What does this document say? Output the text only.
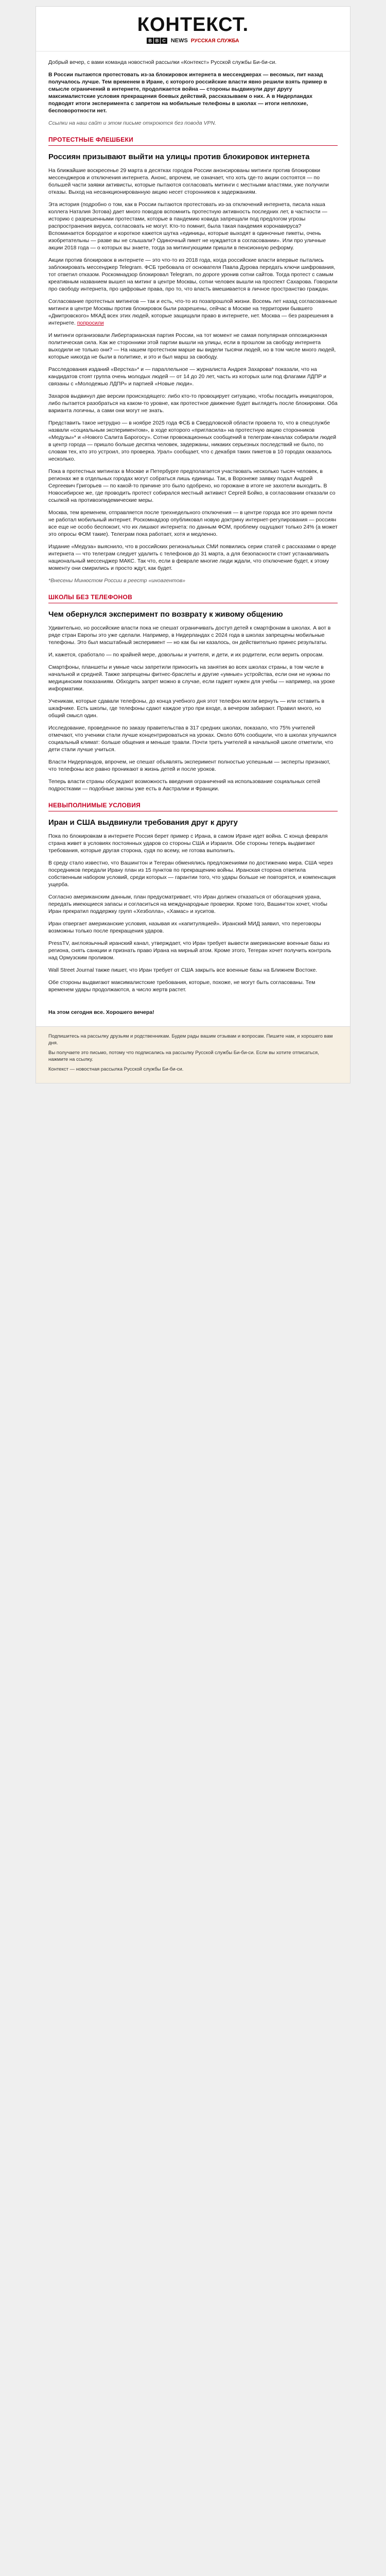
КОНТЕКСТ.
B B C NEWS РУССКАЯ СЛУЖБА

Добрый вечер, с вами команда новостной рассылки «Контекст» Русской службы Би-би-си.

В России пытаются протестовать из-за блокировок интернета в мессенджерах — весомых, пит назад получалось лучше. Тем временем в Иране, с которого российские власти явно решили взять пример в смысле ограничений в интернете, продолжается война — стороны выдвинули друг другу максималистские условия прекращения боевых действий, рассказываем о них. А в Нидерландах подводят итоги эксперимента с запретом на мобильные телефоны в школах — итоги неплохие, бесповоротности нет.

Ссылки на наш сайт и этом письме откроются без повода VPN.

ПРОТЕСТНЫЕ ФЛЕШБЕКИ
Россиян призывают выйти на улицы против блокировок интернета

На ближайшие воскресенье 29 марта в десятках городов России анонсированы митинги против блокировки мессенджеров и отключения интернета. Анонс, впрочем, не означает, что хоть где-то акции состоятся — по большей части заявки активисты, которые пытаются согласовать митинги с местными властями, уже получили отказы. Выход на несанкционированную акцию несет сторонников к задержаниям.

Эта история (подробно о том, как в России пытаются протестовать из-за отключений интернета, писала наша коллега Наталия Зотова) дает много поводов вспомнить протестную активность последних лет, в частности — историю с разрешенными протестами, которые в пандемию ковида запрещали под предлогом угрозы распространения вируса, согласовать не могут. Кто-то помнит, была такая пандемия коронавируса? Вспоминается бородатое и короткое кажется шутка «единицы, которые выходят в одиночные пикеты, очень изобретательны — разве вы не слышали? Одиночный пикет не нуждается в согласовании». Или про уличные акции 2018 года — о которых вы знаете, тогда за митингующими пришли в пенсионную реформу.

Акции против блокировок в интернете — это что-то из 2018 года, когда российские власти впервые пытались заблокировать мессенджер Telegram. ФСБ требовала от основателя Павла Дурова передать ключи шифрования, тот ответил отказом. Роскомнадзор блокировал Telegram, по дороге уронив сотни сайтов. Тогда протест с самым креативным названием вышел на митинг в центре Москвы, сотни человек вышли на проспект Сахарова. Говорили про свободу интернета, про цифровые права, про то, что власть вмешивается в личное пространство граждан.

Согласование протестных митингов — так и есть, что-то из позапрошлой жизни. Восемь лет назад согласованные митинги в центре Москвы против блокировок были разрешены, сейчас в Москве на территории бывшего «Дмитровского» МКАД всех этих людей, которые защищали право в интернете, нет. Москва — без разрешения в интернете. попросили

И митинги организовали Либертарианская партия России, на тот момент не самая популярная оппозиционная политическая сила. Как же сторонники этой партии вышли на улицы, если в прошлом за свободу интернета выходили не только они? — На нашем протестном марше вы видели тысячи людей, но в том числе много людей, которые никогда не были в политике, и это и был марш за свободу.

Расследования изданий «Верстка»* и — параллельное — журналиста Андрея Захарова* показали, что на кандидатов стоят группа очень молодых людей — от 14 до 20 лет, часть из которых шли под флагами ЛДПР и связаны с «Молодежью ЛДПР» и партией «Новые люди».

Захаров выдвинул две версии происходящего: либо кто-то провоцирует ситуацию, чтобы посадить инициаторов, либо пытается разобраться на каком-то уровне, как протестное движение будет выглядеть после блокировки. Оба варианта логичны, а сами они могут не знать.

Представить такое нетрудно — в ноябре 2025 года ФСБ в Свердловской области провела то, что в спецслужбе назвали «социальным экспериментом», в ходе которого «пригласила» на протестную акцию сторонников «Медузы»* и «Нового Салита Барогосу». Сотни провокационных сообщений в телеграм-каналах собирали людей в центр города — пришло больше десятка человек, задержаны, никаких серьезных последствий не было, по словам тех, кто это устроил, это проверка. Урал» сообщает, что с декабря таких пикетов в 10 городах оказалось несколько.

Пока в протестных митингах в Москве и Петербурге предполагается участвовать несколько тысяч человек, в регионах же в отдельных городах могут собраться лишь единицы. Так, в Воронеже заявку подал Андрей Сергеевич Григорьев — по какой-то причине это было одобрено, но горожане в итоге не захотели выходить. В Новосибирске же, где проводить протест собирался местный активист Сергей Бойко, в согласовании отказали со ссылкой на противоэпидемические меры.

Москва, тем временем, отправляется после трехнедельного отключения — в центре города все это время почти не работал мобильный интернет. Роскомнадзор опубликовал новую доктрину интернет-регулирования — россиян все еще не особо беспокоит, что их лишают интернета: по данным ФОМ, проблему ощущают только 24% (а может это опросы ФОМ такие). Телеграм пока работает, хотя и медленно.

Издание «Медуза» выяснило, что в российских региональных СМИ появились серии статей с рассказами о вреде интернета — что телеграм следует удалить с телефонов до 31 марта, а для безопасности стоит устанавливать национальный мессенджер МАКС. Так что, если в феврале многие люди ждали, что отключение будет, к этому моменту они смирились и просто ждут, как будет.

*Внесены Минюстом России в реестр «иноагентов»

ШКОЛЫ БЕЗ ТЕЛЕФОНОВ
Чем обернулся эксперимент по возврату к живому общению

Удивительно, но российские власти пока не спешат ограничивать доступ детей к смартфонам в школах. А вот в ряде стран Европы это уже сделали. Например, в Нидерландах с 2024 года в школах запрещены мобильные телефоны. Это был масштабный эксперимент — но как бы ни казалось, он действительно принес результаты.

И, кажется, сработало — по крайней мере, довольны и учителя, и дети, и их родители, если верить опросам.

Смартфоны, планшеты и умные часы запретили приносить на занятия во всех школах страны, в том числе в начальной и средней. Также запрещены фитнес-браслеты и другие «умные» устройства, если они не нужны по медицинским показаниям. Обходить запрет можно в случае, если гаджет нужен для учебы — например, на уроке информатики.

Ученикам, которые сдавали телефоны, до конца учебного дня этот телефон могли вернуть — или оставить в шкафчике. Есть школы, где телефоны сдают каждое утро при входе, а вечером забирают. Правил много, но общий смысл один.

Исследование, проведенное по заказу правительства в 317 средних школах, показало, что 75% учителей отмечают, что ученики стали лучше концентрироваться на уроках. Около 60% сообщили, что в школах улучшился социальный климат: больше общения и меньше травли. Почти треть учителей в начальной школе отметили, что дети стали лучше учиться.

Власти Нидерландов, впрочем, не спешат объявлять эксперимент полностью успешным — эксперты признают, что телефоны все равно проникают в жизнь детей и после уроков.

Теперь власти страны обсуждают возможность введения ограничений на использование социальных сетей подростками — подобные законы уже есть в Австралии и Франции.

НЕВЫПОЛНИМЫЕ УСЛОВИЯ
Иран и США выдвинули требования друг к другу

Пока по блокировкам в интернете Россия берет пример с Ирана, в самом Иране идет война. С конца февраля страна живет в условиях постоянных ударов со стороны США и Израиля. Обе стороны теперь выдвигают требования, которые другая сторона, судя по всему, не готова выполнить.

В среду стало известно, что Вашингтон и Тегеран обменялись предложениями по достижению мира. США через посредников передали Ирану план из 15 пунктов по прекращению войны. Иранская сторона ответила собственным набором условий, среди которых — гарантии того, что удары больше не повторятся, и компенсация ущерба.

Согласно американским данным, план предусматривает, что Иран должен отказаться от обогащения урана, передать имеющиеся запасы и согласиться на международные проверки. Кроме того, Вашингтон хочет, чтобы Иран прекратил поддержку групп «Хезболла», «Хамас» и хуситов.

Иран отвергает американские условия, называя их «капитуляцией». Иранский МИД заявил, что переговоры возможны только после прекращения ударов.

PressTV, англоязычный иранский канал, утверждает, что Иран требует вывести американские военные базы из региона, снять санкции и признать право Ирана на мирный атом. Кроме этого, Тегеран хочет получить контроль над Ормузским проливом.

Wall Street Journal также пишет, что Иран требует от США закрыть все военные базы на Ближнем Востоке.

Обе стороны выдвигают максималистские требования, которые, похоже, не могут быть согласованы. Тем временем удары продолжаются, а число жертв растет.

На этом сегодня все. Хорошего вечера!

Подпишитесь на рассылку друзьям и родственникам. Будем рады вашим отзывам и вопросам. Пишите нам, и хорошего вам дня.

Вы получаете это письмо, потому что подписались на рассылку Русской службы Би-би-си. Если вы хотите отписаться, нажмите на ссылку.

Контекст — новостная рассылка Русской службы Би-би-си.
